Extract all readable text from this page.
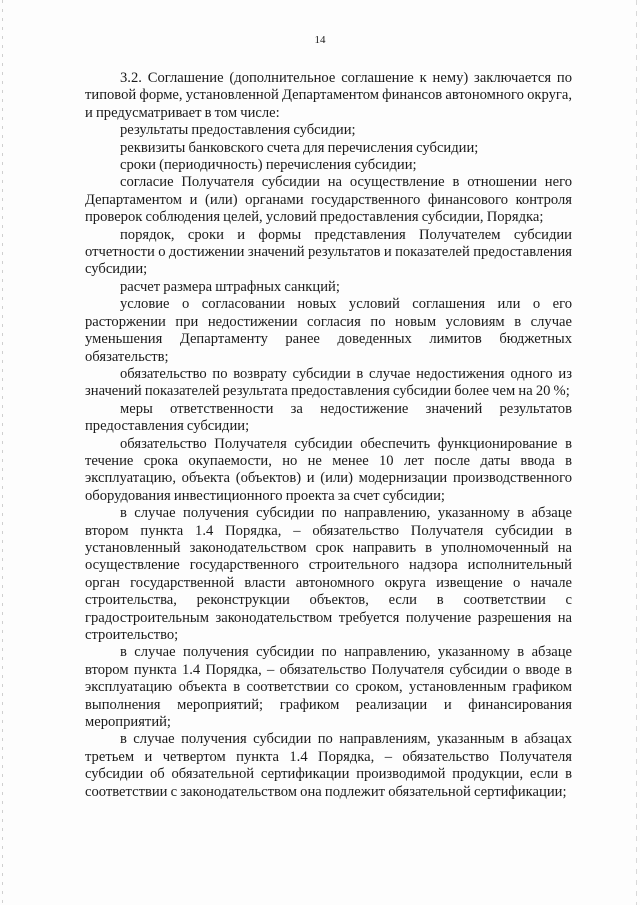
14

3.2. Соглашение (дополнительное соглашение к нему) заключается по типовой форме, установленной Департаментом финансов автономного округа, и предусматривает в том числе:

результаты предоставления субсидии;

реквизиты банковского счета для перечисления субсидии;

сроки (периодичность) перечисления субсидии;

согласие Получателя субсидии на осуществление в отношении него Департаментом и (или) органами государственного финансового контроля проверок соблюдения целей, условий предоставления субсидии, Порядка;

порядок, сроки и формы представления Получателем субсидии отчетности о достижении значений результатов и показателей предоставления субсидии;

расчет размера штрафных санкций;

условие о согласовании новых условий соглашения или о его расторжении при недостижении согласия по новым условиям в случае уменьшения Департаменту ранее доведенных лимитов бюджетных обязательств;

обязательство по возврату субсидии в случае недостижения одного из значений показателей результата предоставления субсидии более чем на 20 %;

меры ответственности за недостижение значений результатов предоставления субсидии;

обязательство Получателя субсидии обеспечить функционирование в течение срока окупаемости, но не менее 10 лет после даты ввода в эксплуатацию, объекта (объектов) и (или) модернизации производственного оборудования инвестиционного проекта за счет субсидии;

в случае получения субсидии по направлению, указанному в абзаце втором пункта 1.4 Порядка, – обязательство Получателя субсидии в установленный законодательством срок направить в уполномоченный на осуществление государственного строительного надзора исполнительный орган государственной власти автономного округа извещение о начале строительства, реконструкции объектов, если в соответствии с градостроительным законодательством требуется получение разрешения на строительство;

в случае получения субсидии по направлению, указанному в абзаце втором пункта 1.4 Порядка, – обязательство Получателя субсидии о вводе в эксплуатацию объекта в соответствии со сроком, установленным графиком выполнения мероприятий; графиком реализации и финансирования мероприятий;

в случае получения субсидии по направлениям, указанным в абзацах третьем и четвертом пункта 1.4 Порядка, – обязательство Получателя субсидии об обязательной сертификации производимой продукции, если в соответствии с законодательством она подлежит обязательной сертификации;
